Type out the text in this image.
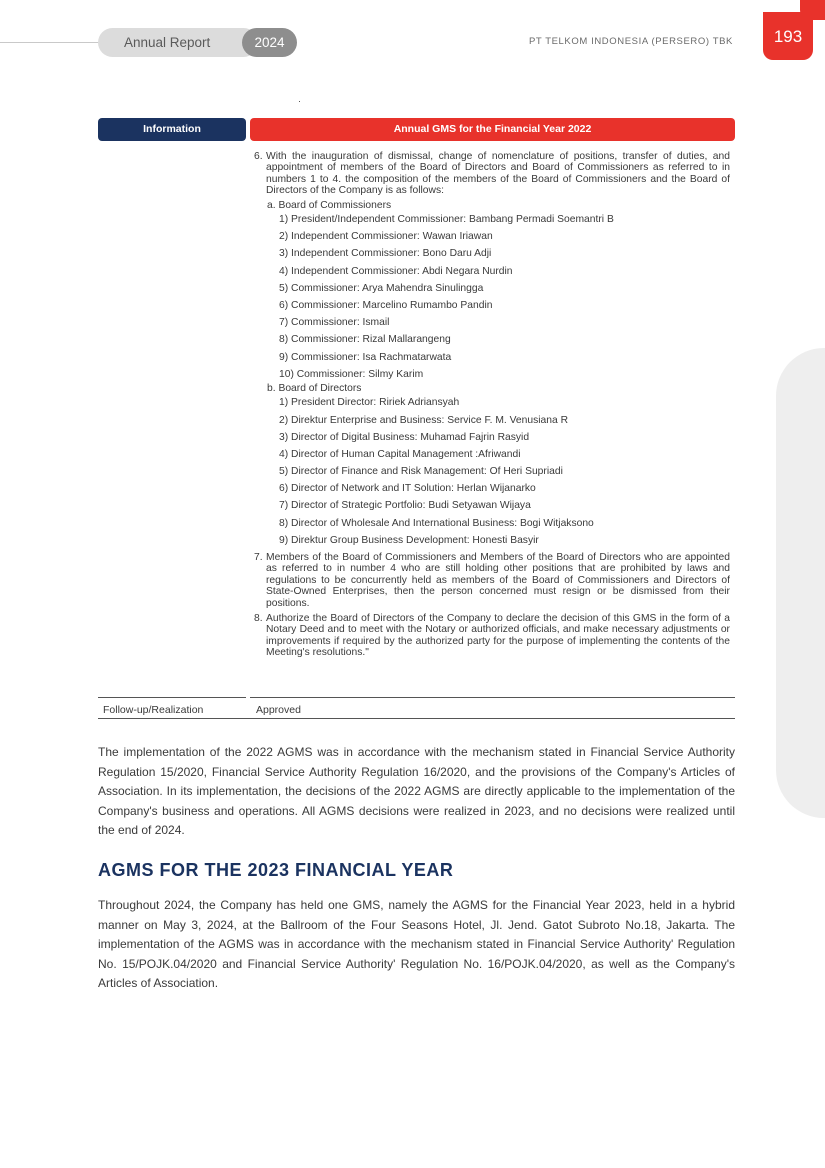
Annual Report	2024	PT TELKOM INDONESIA (PERSERO) TBK	193
Information	Annual GMS for the Financial Year 2022
6. With the inauguration of dismissal, change of nomenclature of positions, transfer of duties, and appointment of members of the Board of Directors and Board of Commissioners as referred to in numbers 1 to 4. the composition of the members of the Board of Commissioners and the Board of Directors of the Company is as follows:
a. Board of Commissioners
1) President/Independent Commissioner: Bambang Permadi Soemantri B
2) Independent Commissioner: Wawan Iriawan
3) Independent Commissioner: Bono Daru Adji
4) Independent Commissioner: Abdi Negara Nurdin
5) Commissioner: Arya Mahendra Sinulingga
6) Commissioner: Marcelino Rumambo Pandin
7) Commissioner: Ismail
8) Commissioner: Rizal Mallarangeng
9) Commissioner: Isa Rachmatarwata
10) Commissioner: Silmy Karim
b. Board of Directors
1) President Director: Ririek Adriansyah
2) Direktur Enterprise and Business: Service F. M. Venusiana R
3) Director of Digital Business: Muhamad Fajrin Rasyid
4) Director of Human Capital Management :Afriwandi
5) Director of Finance and Risk Management: Of Heri Supriadi
6) Director of Network and IT Solution: Herlan Wijanarko
7) Director of Strategic Portfolio: Budi Setyawan Wijaya
8) Director of Wholesale And International Business: Bogi Witjaksono
9) Direktur Group Business Development: Honesti Basyir
7. Members of the Board of Commissioners and Members of the Board of Directors who are appointed as referred to in number 4 who are still holding other positions that are prohibited by laws and regulations to be concurrently held as members of the Board of Commissioners and Directors of State-Owned Enterprises, then the person concerned must resign or be dismissed from their positions.
8. Authorize the Board of Directors of the Company to declare the decision of this GMS in the form of a Notary Deed and to meet with the Notary or authorized officials, and make necessary adjustments or improvements if required by the authorized party for the purpose of implementing the contents of the Meeting's resolutions."
Follow-up/Realization	Approved
The implementation of the 2022 AGMS was in accordance with the mechanism stated in Financial Service Authority Regulation 15/2020, Financial Service Authority Regulation 16/2020, and the provisions of the Company's Articles of Association. In its implementation, the decisions of the 2022 AGMS are directly applicable to the implementation of the Company's business and operations. All AGMS decisions were realized in 2023, and no decisions were realized until the end of 2024.
AGMS FOR THE 2023 FINANCIAL YEAR
Throughout 2024, the Company has held one GMS, namely the AGMS for the Financial Year 2023, held in a hybrid manner on May 3, 2024, at the Ballroom of the Four Seasons Hotel, Jl. Jend. Gatot Subroto No.18, Jakarta. The implementation of the AGMS was in accordance with the mechanism stated in Financial Service Authority' Regulation No. 15/POJK.04/2020 and Financial Service Authority' Regulation No. 16/POJK.04/2020, as well as the Company's Articles of Association.
